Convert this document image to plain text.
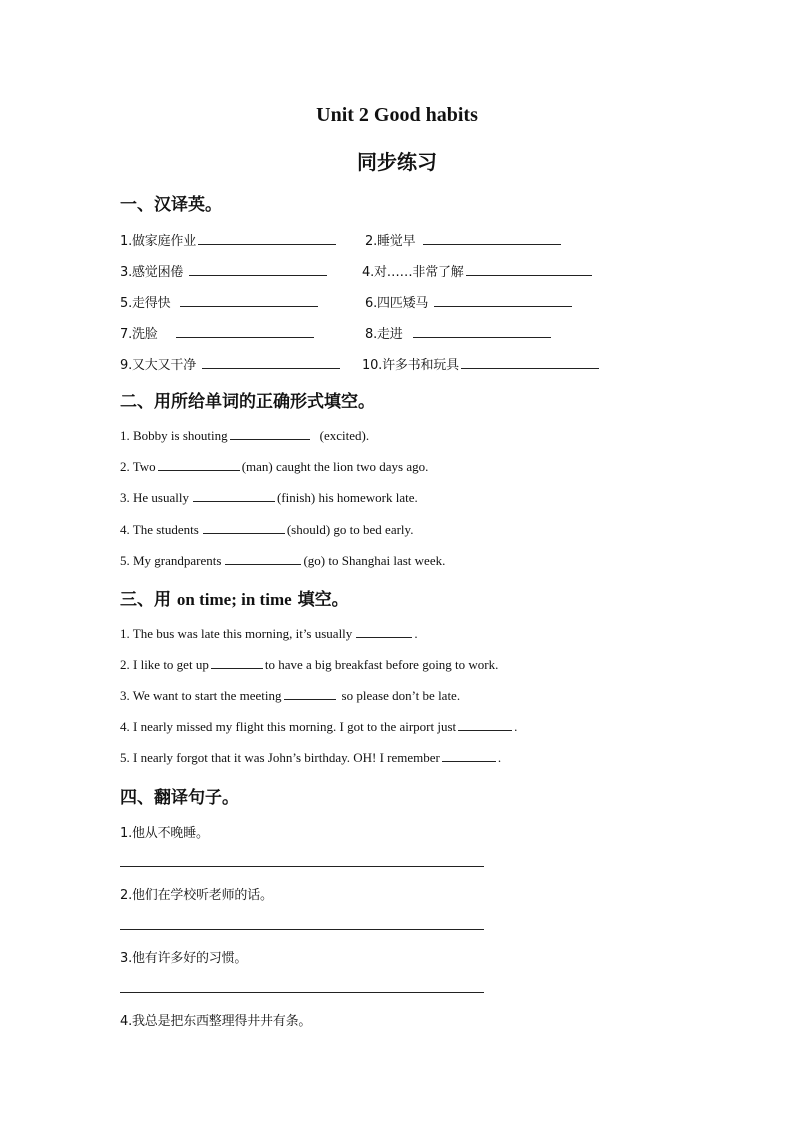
Unit 2 Good habits
同步练习
一、汉译英。
1.做家庭作业	2.睡觉早
3.感觉困倦	4.对……非常了解
5.走得快	6.四匹矮马
7.洗脸	8.走进
9.又大又干净	10.许多书和玩具
二、用所给单词的正确形式填空。
1. Bobby is shouting	(excited).
2. Two	(man) caught the lion two days ago.
3. He usually	(finish) his homework late.
4. The students	(should) go to bed early.
5. My grandparents	(go) to Shanghai last week.
三、用 on time; in time 填空。
1. The bus was late this morning, it’s usually	.
2. I like to get up	to have a big breakfast before going to work.
3. We want to start the meeting	so please don’t be late.
4. I nearly missed my flight this morning. I got to the airport just	.
5. I nearly forgot that it was John’s birthday. OH! I remember	.
四、翻译句子。
1.他从不晚睡。
2.他们在学校听老师的话。
3.他有许多好的习惯。
4.我总是把东西整理得井井有条。
